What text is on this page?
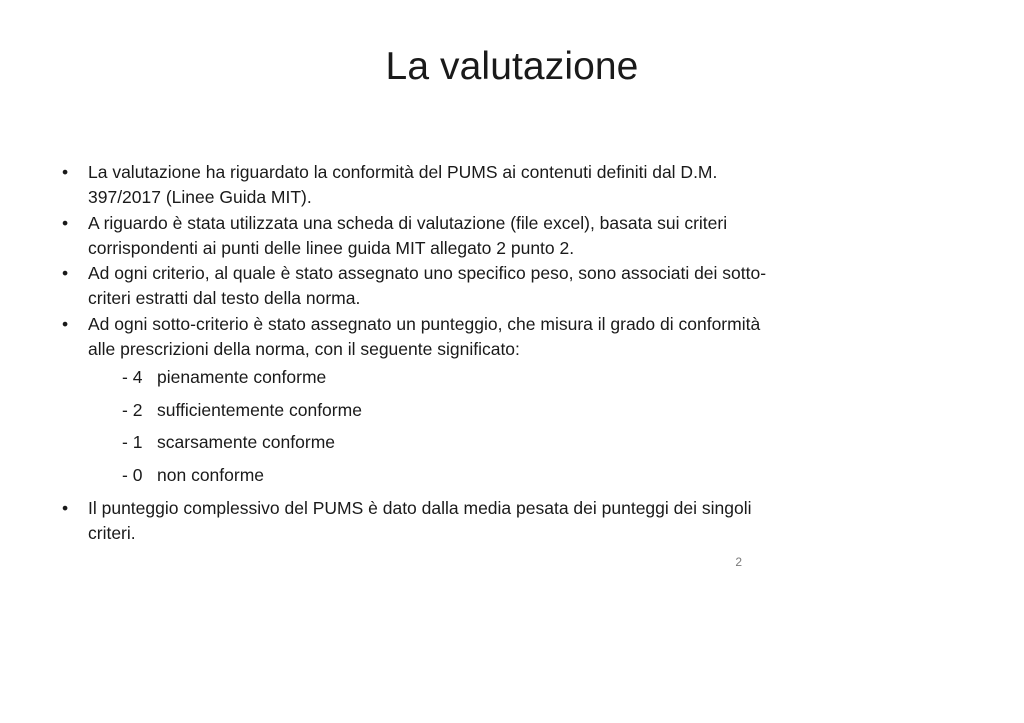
La valutazione
• La valutazione ha riguardato la conformità del PUMS ai contenuti definiti dal D.M. 397/2017 (Linee Guida MIT).
• A riguardo è stata utilizzata una scheda di valutazione (file excel), basata sui criteri corrispondenti ai punti delle linee guida MIT allegato 2 punto 2.
• Ad ogni criterio, al quale è stato assegnato uno specifico peso, sono associati dei sotto-criteri estratti dal testo della norma.
• Ad ogni sotto-criterio è stato assegnato un punteggio, che misura il grado di conformità alle prescrizioni della norma, con il seguente significato:
- 4   pienamente conforme
- 2   sufficientemente conforme
- 1   scarsamente conforme
- 0   non conforme
• Il punteggio complessivo del PUMS è dato dalla media pesata dei punteggi dei singoli criteri.
2
